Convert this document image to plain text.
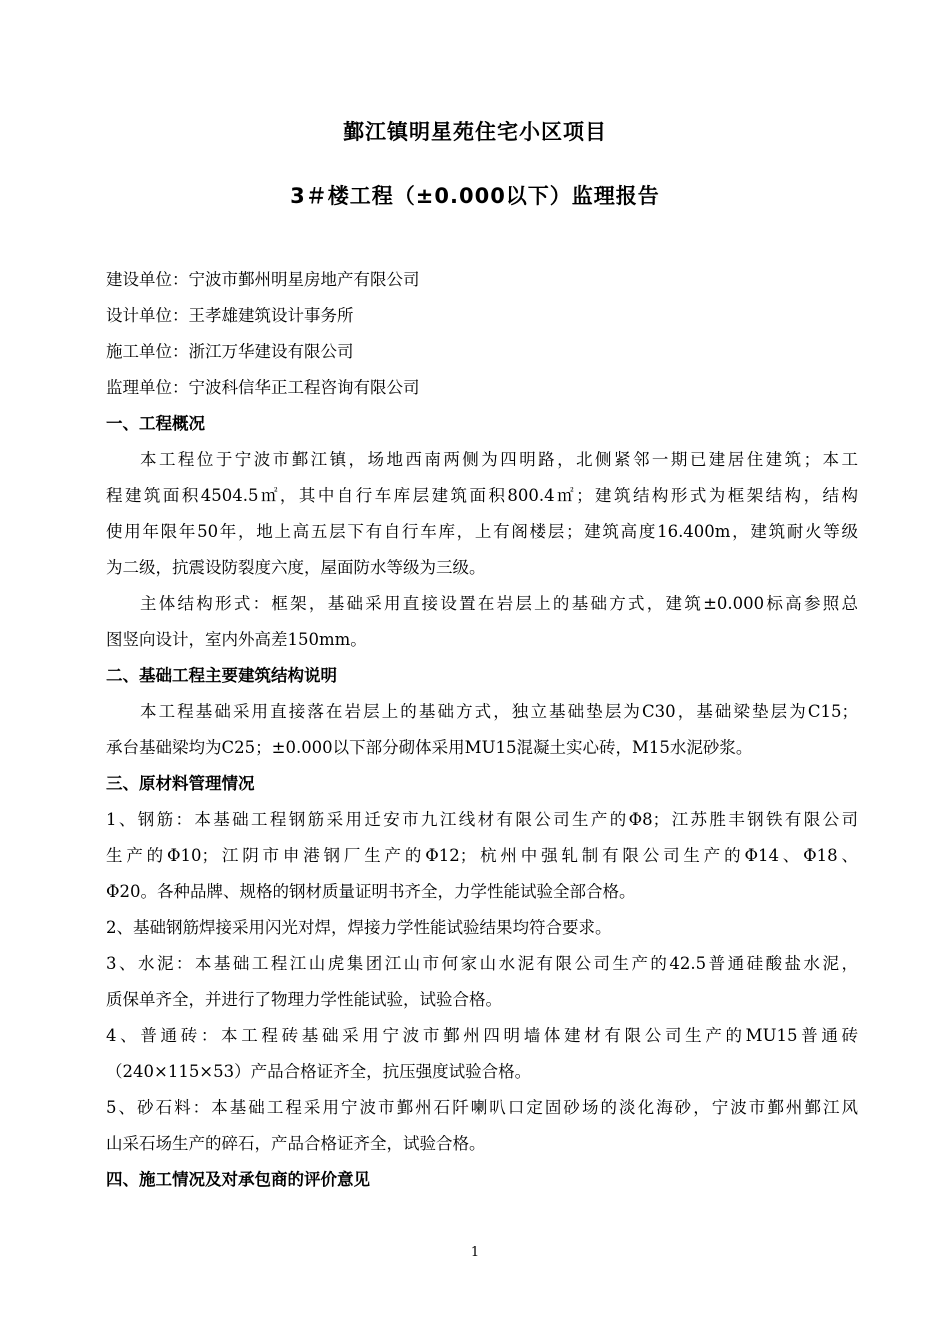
鄞江镇明星苑住宅小区项目
3＃楼工程（±0.000以下）监理报告
建设单位：宁波市鄞州明星房地产有限公司
设计单位：王孝雄建筑设计事务所
施工单位：浙江万华建设有限公司
监理单位：宁波科信华正工程咨询有限公司
一、工程概况
本工程位于宁波市鄞江镇，场地西南两侧为四明路，北侧紧邻一期已建居住建筑；本工
程建筑面积4504.5㎡，其中自行车库层建筑面积800.4㎡；建筑结构形式为框架结构，结构
使用年限年50年，地上高五层下有自行车库，上有阁楼层；建筑高度16.400m，建筑耐火等级
为二级，抗震设防裂度六度，屋面防水等级为三级。
主体结构形式：框架，基础采用直接设置在岩层上的基础方式，建筑±0.000标高参照总
图竖向设计，室内外高差150mm。
二、基础工程主要建筑结构说明
本工程基础采用直接落在岩层上的基础方式，独立基础垫层为C30，基础梁垫层为C15；
承台基础梁均为C25；±0.000以下部分砌体采用MU15混凝土实心砖，M15水泥砂浆。
三、原材料管理情况
1、钢筋：本基础工程钢筋采用迁安市九江线材有限公司生产的Φ8；江苏胜丰钢铁有限公司
生产的Φ10；江阴市申港钢厂生产的Φ12；杭州中强轧制有限公司生产的Φ14、Φ18、
Φ20。各种品牌、规格的钢材质量证明书齐全，力学性能试验全部合格。
2、基础钢筋焊接采用闪光对焊，焊接力学性能试验结果均符合要求。
3、水泥：本基础工程江山虎集团江山市何家山水泥有限公司生产的42.5普通硅酸盐水泥，
质保单齐全，并进行了物理力学性能试验，试验合格。
4、普通砖：本工程砖基础采用宁波市鄞州四明墙体建材有限公司生产的MU15普通砖
（240×115×53）产品合格证齐全，抗压强度试验合格。
5、砂石料：本基础工程采用宁波市鄞州石阡喇叭口定固砂场的淡化海砂，宁波市鄞州鄞江风
山采石场生产的碎石，产品合格证齐全，试验合格。
四、施工情况及对承包商的评价意见
1
